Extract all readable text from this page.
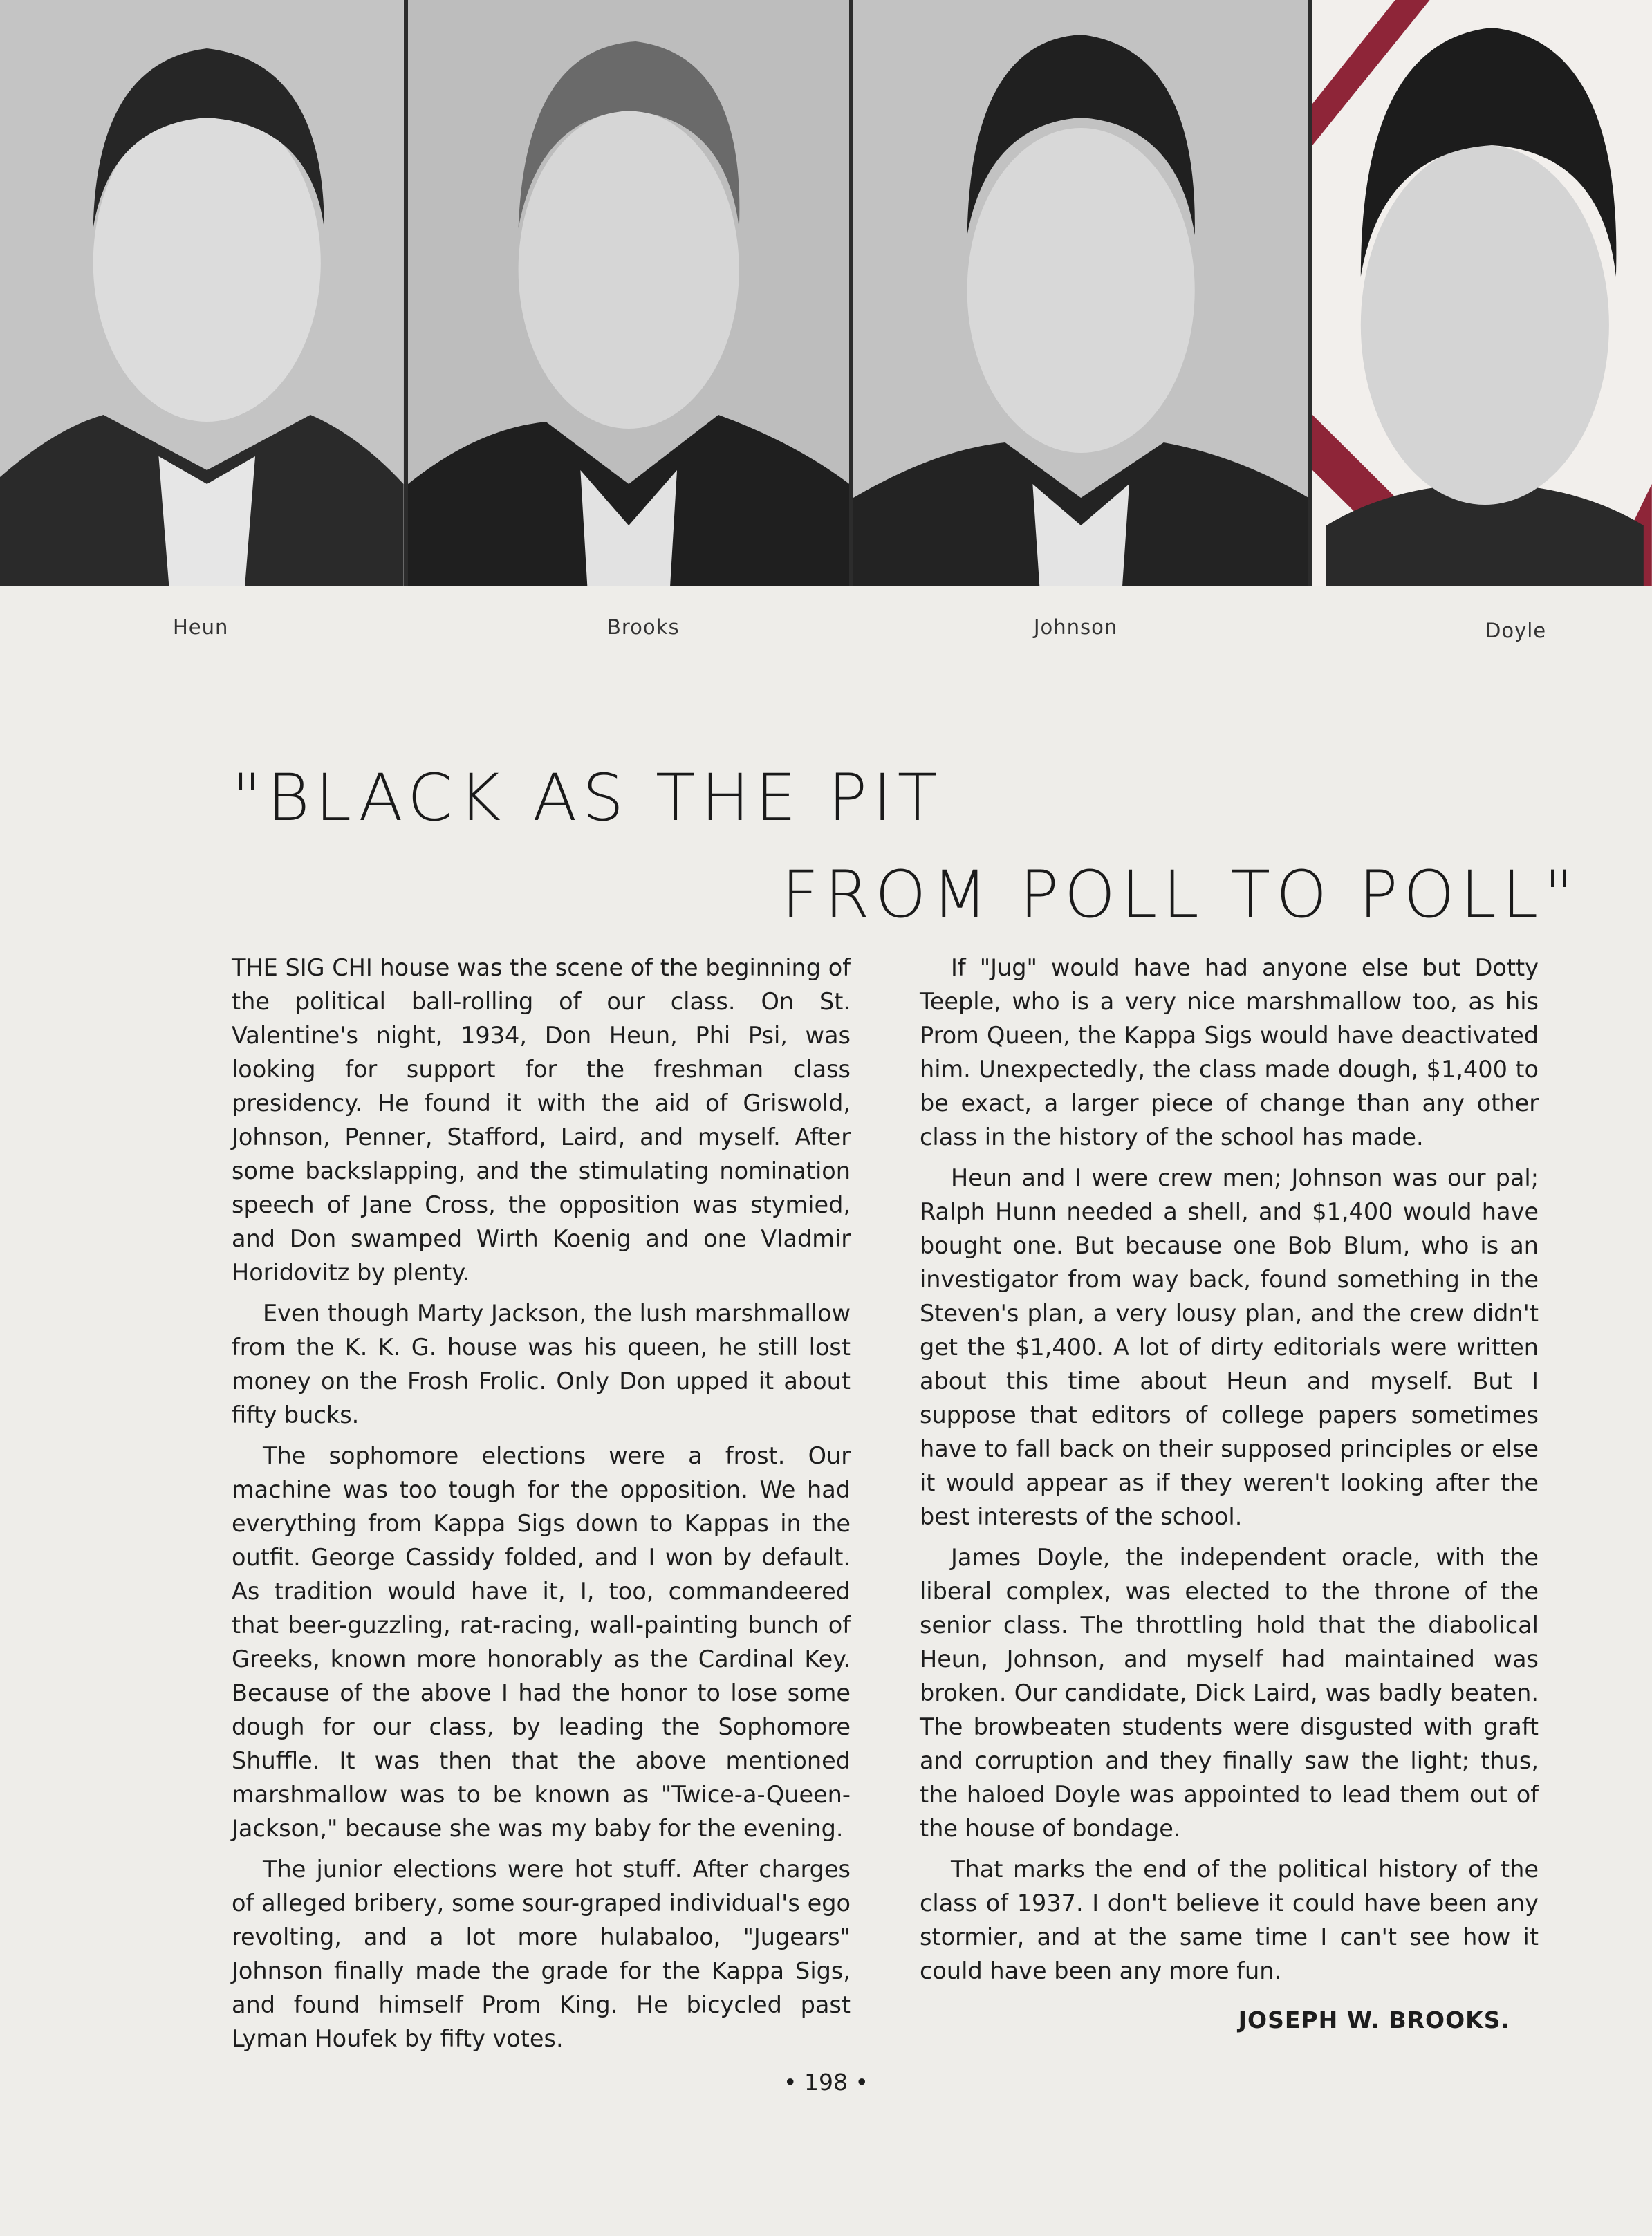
Heun	Brooks	Johnson	Doyle
"BLACK AS THE PIT
FROM POLL TO POLL"

THE SIG CHI house was the scene of the beginning of the political ball-rolling of our class. On St. Valentine's night, 1934, Don Heun, Phi Psi, was looking for support for the freshman class presidency. He found it with the aid of Griswold, Johnson, Penner, Stafford, Laird, and myself. After some backslapping, and the stimulating nomination speech of Jane Cross, the opposition was stymied, and Don swamped Wirth Koenig and one Vladmir Horidovitz by plenty.

Even though Marty Jackson, the lush marshmallow from the K. K. G. house was his queen, he still lost money on the Frosh Frolic. Only Don upped it about fifty bucks.

The sophomore elections were a frost. Our machine was too tough for the opposition. We had everything from Kappa Sigs down to Kappas in the outfit. George Cassidy folded, and I won by default. As tradition would have it, I, too, commandeered that beer-guzzling, rat-racing, wall-painting bunch of Greeks, known more honorably as the Cardinal Key. Because of the above I had the honor to lose some dough for our class, by leading the Sophomore Shuffle. It was then that the above mentioned marshmallow was to be known as "Twice-a-Queen-Jackson," because she was my baby for the evening.

The junior elections were hot stuff. After charges of alleged bribery, some sour-graped individual's ego revolting, and a lot more hulabaloo, "Jugears" Johnson finally made the grade for the Kappa Sigs, and found himself Prom King. He bicycled past Lyman Houfek by fifty votes.

If "Jug" would have had anyone else but Dotty Teeple, who is a very nice marshmallow too, as his Prom Queen, the Kappa Sigs would have deactivated him. Unexpectedly, the class made dough, $1,400 to be exact, a larger piece of change than any other class in the history of the school has made.

Heun and I were crew men; Johnson was our pal; Ralph Hunn needed a shell, and $1,400 would have bought one. But because one Bob Blum, who is an investigator from way back, found something in the Steven's plan, a very lousy plan, and the crew didn't get the $1,400. A lot of dirty editorials were written about this time about Heun and myself. But I suppose that editors of college papers sometimes have to fall back on their supposed principles or else it would appear as if they weren't looking after the best interests of the school.

James Doyle, the independent oracle, with the liberal complex, was elected to the throne of the senior class. The throttling hold that the diabolical Heun, Johnson, and myself had maintained was broken. Our candidate, Dick Laird, was badly beaten. The browbeaten students were disgusted with graft and corruption and they finally saw the light; thus, the haloed Doyle was appointed to lead them out of the house of bondage.

That marks the end of the political history of the class of 1937. I don't believe it could have been any stormier, and at the same time I can't see how it could have been any more fun.

JOSEPH W. BROOKS.
• 198 •
